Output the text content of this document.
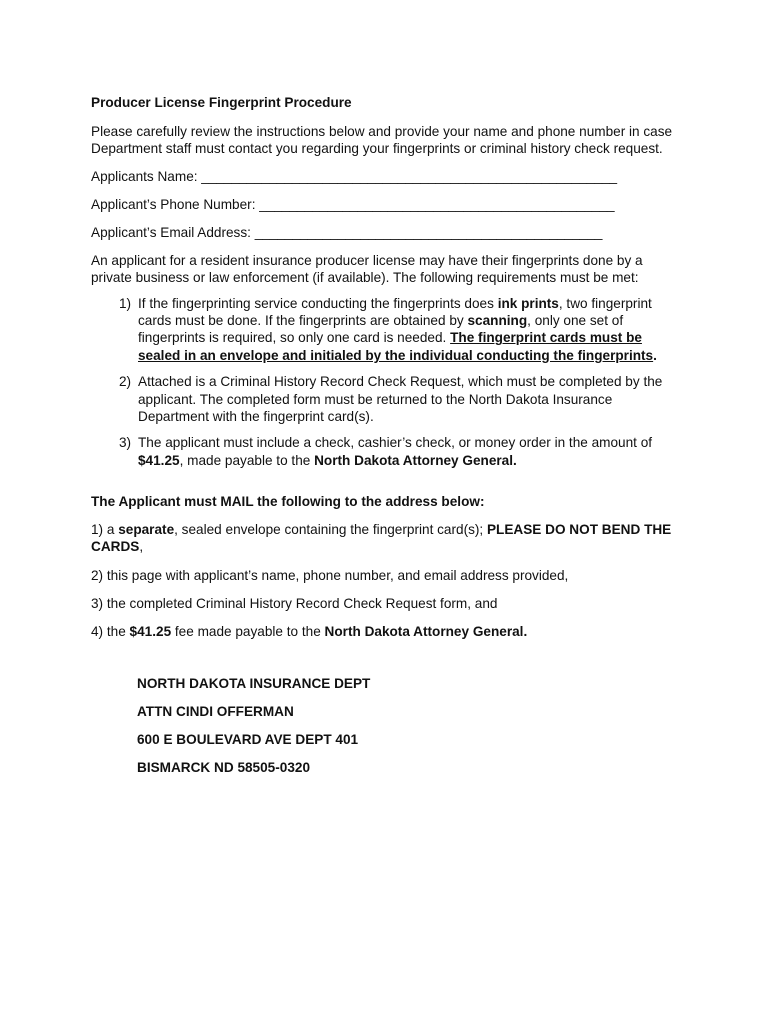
Producer License Fingerprint Procedure

Please carefully review the instructions below and provide your name and phone number in case Department staff must contact you regarding your fingerprints or criminal history check request.

Applicants Name: _______________________________________________________

Applicant’s Phone Number: _______________________________________________

Applicant’s Email Address: ______________________________________________

An applicant for a resident insurance producer license may have their fingerprints done by a private business or law enforcement (if available). The following requirements must be met:

1) If the fingerprinting service conducting the fingerprints does ink prints, two fingerprint cards must be done. If the fingerprints are obtained by scanning, only one set of fingerprints is required, so only one card is needed. The fingerprint cards must be sealed in an envelope and initialed by the individual conducting the fingerprints.
2) Attached is a Criminal History Record Check Request, which must be completed by the applicant. The completed form must be returned to the North Dakota Insurance Department with the fingerprint card(s).
3) The applicant must include a check, cashier’s check, or money order in the amount of $41.25, made payable to the North Dakota Attorney General.

The Applicant must MAIL the following to the address below:

1) a separate, sealed envelope containing the fingerprint card(s); PLEASE DO NOT BEND THE CARDS,

2) this page with applicant’s name, phone number, and email address provided,

3) the completed Criminal History Record Check Request form, and

4) the $41.25 fee made payable to the North Dakota Attorney General.

NORTH DAKOTA INSURANCE DEPT

ATTN CINDI OFFERMAN

600 E BOULEVARD AVE DEPT 401

BISMARCK ND 58505-0320
